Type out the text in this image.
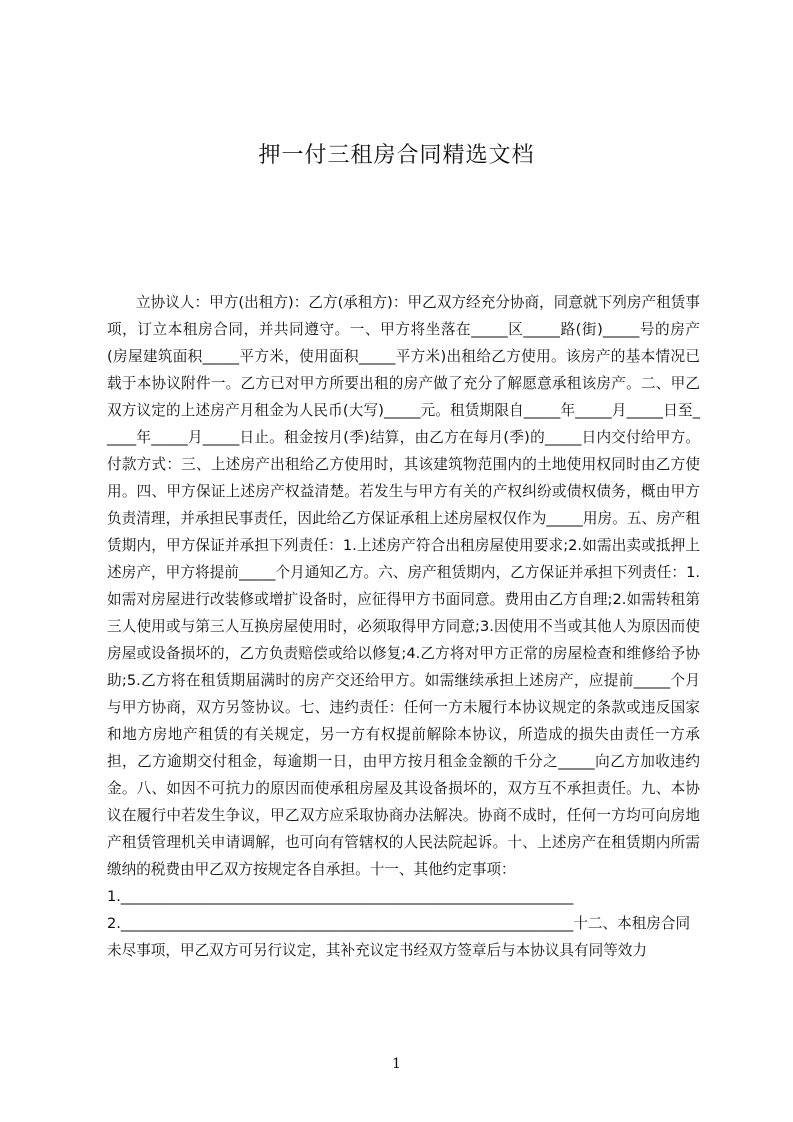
押一付三租房合同精选文档

立协议人：甲方(出租方)：乙方(承租方)：甲乙双方经充分协商，同意就下列房产租赁事项，订立本租房合同，并共同遵守。一、甲方将坐落在_____区_____路(街)_____号的房产(房屋建筑面积_____平方米，使用面积_____平方米)出租给乙方使用。该房产的基本情况已载于本协议附件一。乙方已对甲方所要出租的房产做了充分了解愿意承租该房产。二、甲乙双方议定的上述房产月租金为人民币(大写)_____元。租赁期限自_____年_____月_____日至_____年_____月_____日止。租金按月(季)结算，由乙方在每月(季)的_____日内交付给甲方。付款方式：三、上述房产出租给乙方使用时，其该建筑物范围内的土地使用权同时由乙方使用。四、甲方保证上述房产权益清楚。若发生与甲方有关的产权纠纷或债权债务，概由甲方负责清理，并承担民事责任，因此给乙方保证承租上述房屋权仅作为_____用房。五、房产租赁期内，甲方保证并承担下列责任：1.上述房产符合出租房屋使用要求;2.如需出卖或抵押上述房产，甲方将提前_____个月通知乙方。六、房产租赁期内，乙方保证并承担下列责任：1.如需对房屋进行改装修或增扩设备时，应征得甲方书面同意。费用由乙方自理;2.如需转租第三人使用或与第三人互换房屋使用时，必须取得甲方同意;3.因使用不当或其他人为原因而使房屋或设备损坏的，乙方负责赔偿或给以修复;4.乙方将对甲方正常的房屋检查和维修给予协助;5.乙方将在租赁期届满时的房产交还给甲方。如需继续承担上述房产，应提前_____个月与甲方协商，双方另签协议。七、违约责任：任何一方未履行本协议规定的条款或违反国家和地方房地产租赁的有关规定，另一方有权提前解除本协议，所造成的损失由责任一方承担，乙方逾期交付租金，每逾期一日，由甲方按月租金金额的千分之_____向乙方加收违约金。八、如因不可抗力的原因而使承租房屋及其设备损坏的，双方互不承担责任。九、本协议在履行中若发生争议，甲乙双方应采取协商办法解决。协商不成时，任何一方均可向房地产租赁管理机关申请调解，也可向有管辖权的人民法院起诉。十、上述房产在租赁期内所需缴纳的税费由甲乙双方按规定各自承担。十一、其他约定事项：

1.______________________________________________________________
2.______________________________________________________________十二、本租房合同
未尽事项，甲乙双方可另行议定，其补充议定书经双方签章后与本协议具有同等效力
1
